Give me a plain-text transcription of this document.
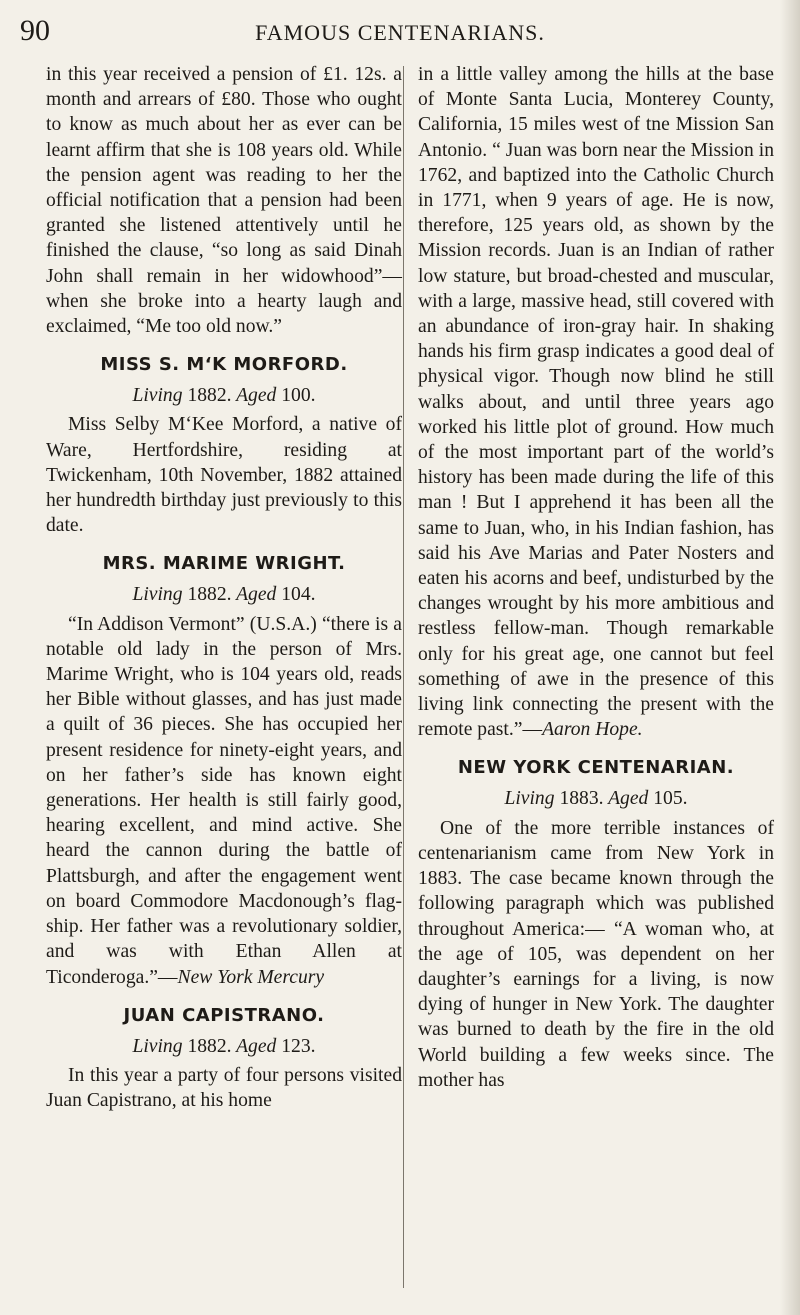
90	FAMOUS CENTENARIANS.

in this year received a pension of £1. 12s. a month and arrears of £80. Those who ought to know as much about her as ever can be learnt affirm that she is 108 years old. While the pension agent was reading to her the official notification that a pension had been granted she listened attentively until he finished the clause, “so long as said Dinah John shall remain in her widowhood”—when she broke into a hearty laugh and exclaimed, “Me too old now.”

MISS S. M‘K MORFORD.
Living 1882. Aged 100.

Miss Selby M‘Kee Morford, a native of Ware, Hertfordshire, residing at Twickenham, 10th November, 1882 attained her hundredth birthday just previously to this date.

MRS. MARIME WRIGHT.
Living 1882. Aged 104.

“In Addison Vermont” (U.S.A.) “there is a notable old lady in the person of Mrs. Marime Wright, who is 104 years old, reads her Bible without glasses, and has just made a quilt of 36 pieces. She has occupied her present residence for ninety-eight years, and on her father’s side has known eight generations. Her health is still fairly good, hearing excellent, and mind active. She heard the cannon during the battle of Plattsburgh, and after the engagement went on board Commodore Macdonough’s flag-ship. Her father was a revolutionary soldier, and was with Ethan Allen at Ticonderoga.”—New York Mercury

JUAN CAPISTRANO.
Living 1882. Aged 123.

In this year a party of four persons visited Juan Capistrano, at his home

in a little valley among the hills at the base of Monte Santa Lucia, Monterey County, California, 15 miles west of tne Mission San Antonio. “ Juan was born near the Mission in 1762, and baptized into the Catholic Church in 1771, when 9 years of age. He is now, therefore, 125 years old, as shown by the Mission records. Juan is an Indian of rather low stature, but broad-chested and muscular, with a large, massive head, still covered with an abundance of iron-gray hair. In shaking hands his firm grasp indicates a good deal of physical vigor. Though now blind he still walks about, and until three years ago worked his little plot of ground. How much of the most important part of the world’s history has been made during the life of this man ! But I apprehend it has been all the same to Juan, who, in his Indian fashion, has said his Ave Marias and Pater Nosters and eaten his acorns and beef, undisturbed by the changes wrought by his more ambitious and restless fellow-man. Though remarkable only for his great age, one cannot but feel something of awe in the presence of this living link connecting the present with the remote past.”—Aaron Hope.

NEW YORK CENTENARIAN.
Living 1883. Aged 105.

One of the more terrible instances of centenarianism came from New York in 1883. The case became known through the following paragraph which was published throughout America:— “A woman who, at the age of 105, was dependent on her daughter’s earnings for a living, is now dying of hunger in New York. The daughter was burned to death by the fire in the old World building a few weeks since. The mother has
